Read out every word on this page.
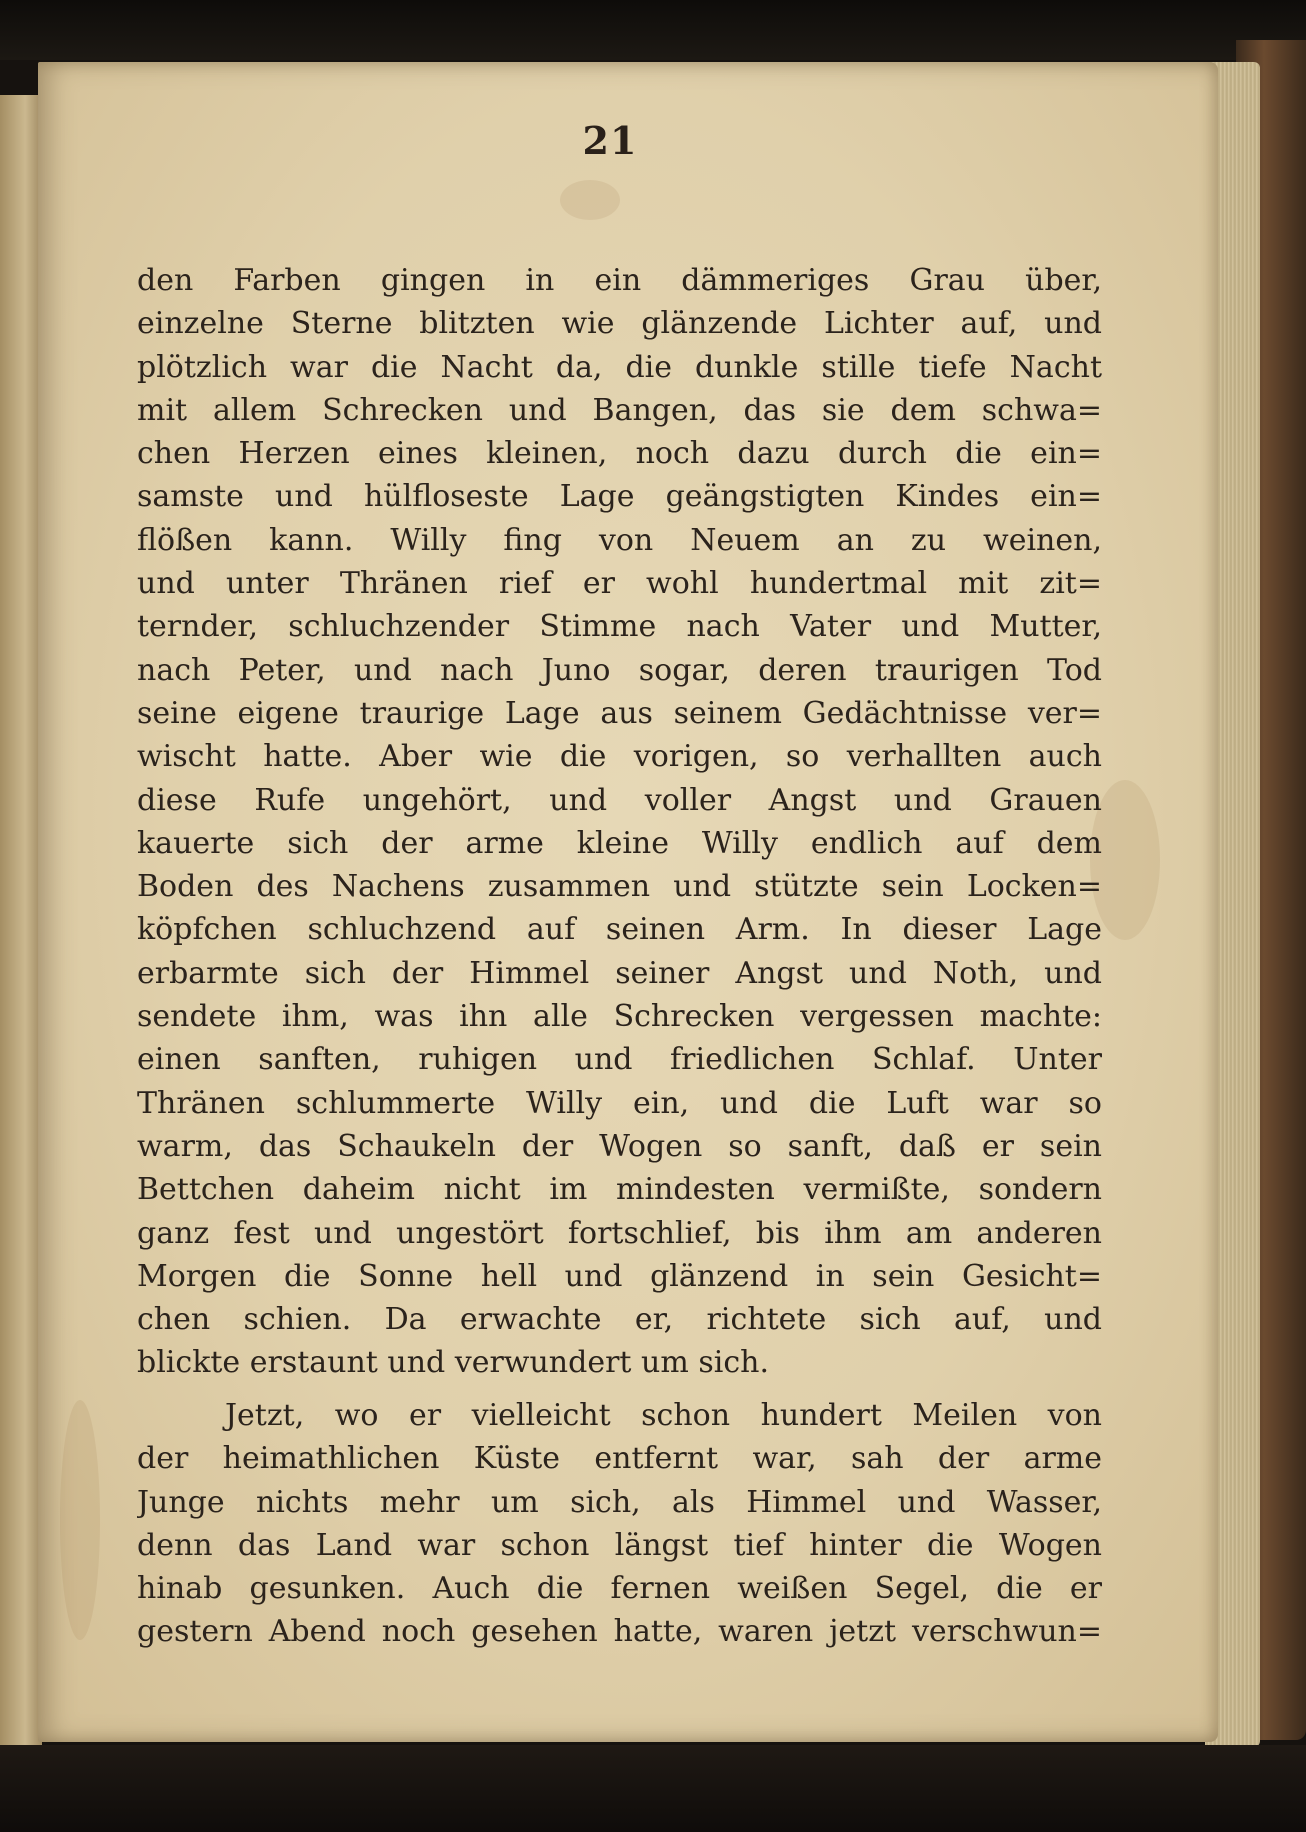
21
den Farben gingen in ein dämmeriges Grau über,
einzelne Sterne blitzten wie glänzende Lichter auf, und
plötzlich war die Nacht da, die dunkle stille tiefe Nacht
mit allem Schrecken und Bangen, das sie dem schwa=
chen Herzen eines kleinen, noch dazu durch die ein=
samste und hülfloseste Lage geängstigten Kindes ein=
flößen kann. Willy fing von Neuem an zu weinen,
und unter Thränen rief er wohl hundertmal mit zit=
ternder, schluchzender Stimme nach Vater und Mutter,
nach Peter, und nach Juno sogar, deren traurigen Tod
seine eigene traurige Lage aus seinem Gedächtnisse ver=
wischt hatte. Aber wie die vorigen, so verhallten auch
diese Rufe ungehört, und voller Angst und Grauen
kauerte sich der arme kleine Willy endlich auf dem
Boden des Nachens zusammen und stützte sein Locken=
köpfchen schluchzend auf seinen Arm. In dieser Lage
erbarmte sich der Himmel seiner Angst und Noth, und
sendete ihm, was ihn alle Schrecken vergessen machte:
einen sanften, ruhigen und friedlichen Schlaf. Unter
Thränen schlummerte Willy ein, und die Luft war so
warm, das Schaukeln der Wogen so sanft, daß er sein
Bettchen daheim nicht im mindesten vermißte, sondern
ganz fest und ungestört fortschlief, bis ihm am anderen
Morgen die Sonne hell und glänzend in sein Gesicht=
chen schien. Da erwachte er, richtete sich auf, und
blickte erstaunt und verwundert um sich.
Jetzt, wo er vielleicht schon hundert Meilen von
der heimathlichen Küste entfernt war, sah der arme
Junge nichts mehr um sich, als Himmel und Wasser,
denn das Land war schon längst tief hinter die Wogen
hinab gesunken. Auch die fernen weißen Segel, die er
gestern Abend noch gesehen hatte, waren jetzt verschwun=
